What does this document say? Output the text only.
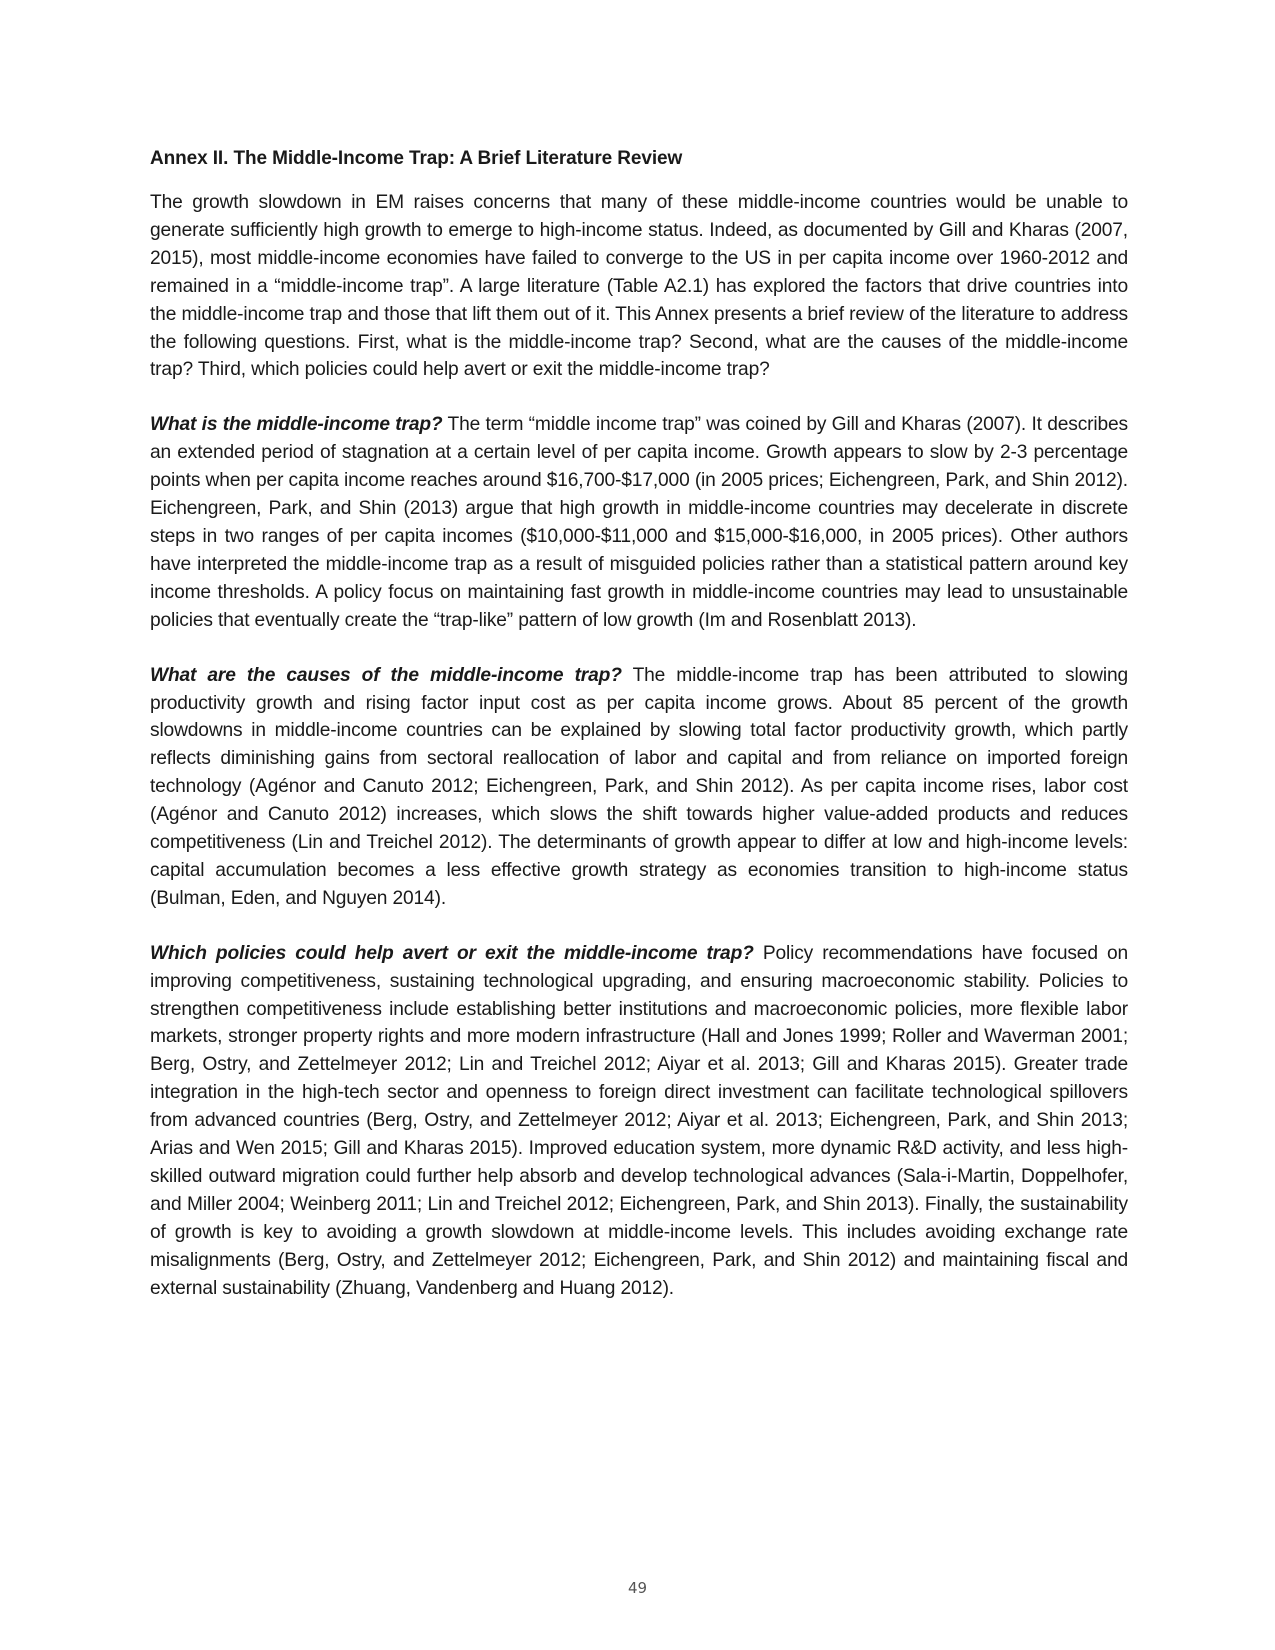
Annex II. The Middle-Income Trap: A Brief Literature Review

The growth slowdown in EM raises concerns that many of these middle-income countries would be unable to generate sufficiently high growth to emerge to high-income status. Indeed, as documented by Gill and Kharas (2007, 2015), most middle-income economies have failed to converge to the US in per capita income over 1960-2012 and remained in a “middle-income trap”. A large literature (Table A2.1) has explored the factors that drive countries into the middle-income trap and those that lift them out of it. This Annex presents a brief review of the literature to address the following questions. First, what is the middle-income trap? Second, what are the causes of the middle-income trap? Third, which policies could help avert or exit the middle-income trap?

What is the middle-income trap? The term “middle income trap” was coined by Gill and Kharas (2007). It describes an extended period of stagnation at a certain level of per capita income. Growth appears to slow by 2-3 percentage points when per capita income reaches around $16,700-$17,000 (in 2005 prices; Eichengreen, Park, and Shin 2012). Eichengreen, Park, and Shin (2013) argue that high growth in middle-income countries may decelerate in discrete steps in two ranges of per capita incomes ($10,000-$11,000 and $15,000-$16,000, in 2005 prices). Other authors have interpreted the middle-income trap as a result of misguided policies rather than a statistical pattern around key income thresholds. A policy focus on maintaining fast growth in middle-income countries may lead to unsustainable policies that eventually create the “trap-like” pattern of low growth (Im and Rosenblatt 2013).

What are the causes of the middle-income trap? The middle-income trap has been attributed to slowing productivity growth and rising factor input cost as per capita income grows. About 85 percent of the growth slowdowns in middle-income countries can be explained by slowing total factor productivity growth, which partly reflects diminishing gains from sectoral reallocation of labor and capital and from reliance on imported foreign technology (Agénor and Canuto 2012; Eichengreen, Park, and Shin 2012). As per capita income rises, labor cost (Agénor and Canuto 2012) increases, which slows the shift towards higher value-added products and reduces competitiveness (Lin and Treichel 2012). The determinants of growth appear to differ at low and high-income levels: capital accumulation becomes a less effective growth strategy as economies transition to high-income status (Bulman, Eden, and Nguyen 2014).

Which policies could help avert or exit the middle-income trap? Policy recommendations have focused on improving competitiveness, sustaining technological upgrading, and ensuring macroeconomic stability. Policies to strengthen competitiveness include establishing better institutions and macroeconomic policies, more flexible labor markets, stronger property rights and more modern infrastructure (Hall and Jones 1999; Roller and Waverman 2001; Berg, Ostry, and Zettelmeyer 2012; Lin and Treichel 2012; Aiyar et al. 2013; Gill and Kharas 2015). Greater trade integration in the high-tech sector and openness to foreign direct investment can facilitate technological spillovers from advanced countries (Berg, Ostry, and Zettelmeyer 2012; Aiyar et al. 2013; Eichengreen, Park, and Shin 2013; Arias and Wen 2015; Gill and Kharas 2015). Improved education system, more dynamic R&D activity, and less high-skilled outward migration could further help absorb and develop technological advances (Sala-i-Martin, Doppelhofer, and Miller 2004; Weinberg 2011; Lin and Treichel 2012; Eichengreen, Park, and Shin 2013). Finally, the sustainability of growth is key to avoiding a growth slowdown at middle-income levels. This includes avoiding exchange rate misalignments (Berg, Ostry, and Zettelmeyer 2012; Eichengreen, Park, and Shin 2012) and maintaining fiscal and external sustainability (Zhuang, Vandenberg and Huang 2012).

49
